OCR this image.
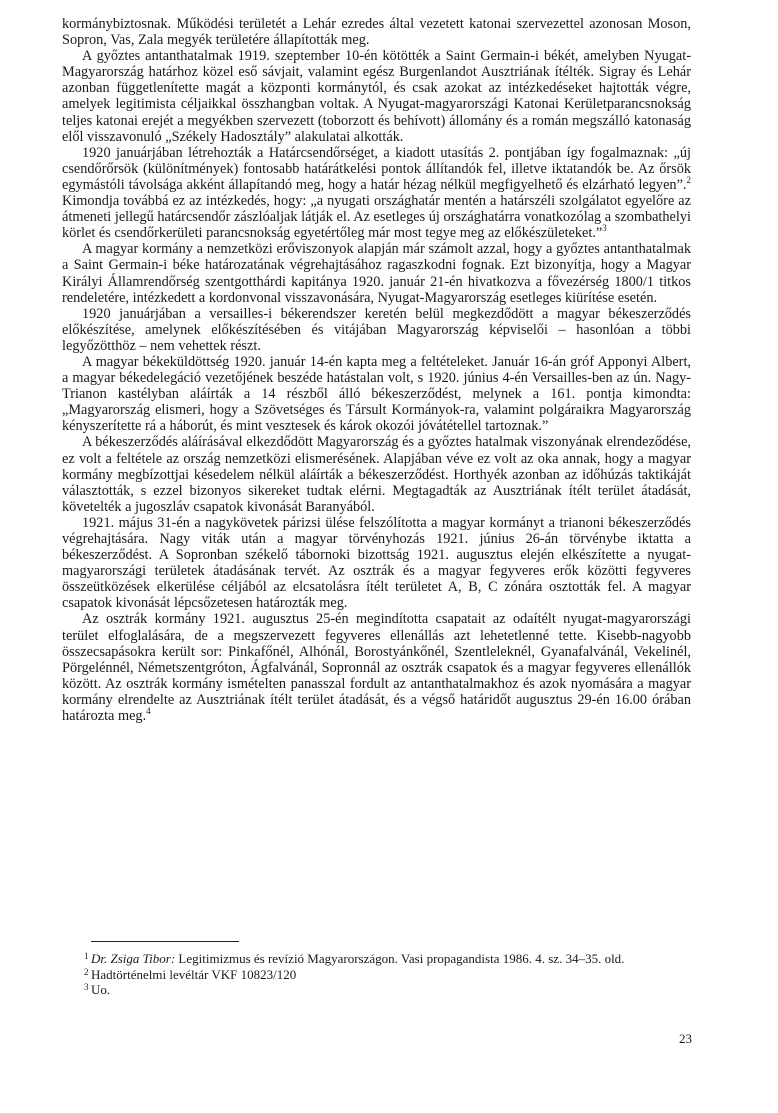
kormánybiztosnak. Működési területét a Lehár ezredes által vezetett katonai szervezettel azonosan Moson, Sopron, Vas, Zala megyék területére állapították meg.

A győztes antanthatalmak 1919. szeptember 10-én kötötték a Saint Germain-i békét, amelyben Nyugat-Magyarország határhoz közel eső sávjait, valamint egész Burgenlandot Ausztriának ítélték. Sigray és Lehár azonban függetlenítette magát a központi kormánytól, és csak azokat az intézkedéseket hajtották végre, amelyek legitimista céljaikkal összhangban voltak. A Nyugat-magyarországi Katonai Kerületparancsnokság teljes katonai erejét a megyékben szervezett (toborzott és behívott) állomány és a román megszálló katonaság elől visszavonuló „Székely Hadosztály” alakulatai alkották.

1920 januárjában létrehozták a Határcsendőrséget, a kiadott utasítás 2. pontjában így fogalmaznak: „új csendőrőrsök (különítmények) fontosabb határátkelési pontok állítandók fel, illetve iktatandók be. Az őrsök egymástóli távolsága akként állapítandó meg, hogy a határ hézag nélkül megfigyelhető és elzárható legyen”.$^2$ Kimondja továbbá ez az intézkedés, hogy: „a nyugati országhatár mentén a határszéli szolgálatot egyelőre az átmeneti jellegű határcsendőr zászlóaljak látják el. Az esetleges új országhatárra vonatkozólag a szombathelyi körlet és csendőrkerületi parancsnokság egyetértőleg már most tegye meg az előkészületeket.”$^3$

A magyar kormány a nemzetközi erőviszonyok alapján már számolt azzal, hogy a győztes antanthatalmak a Saint Germain-i béke határozatának végrehajtásához ragaszkodni fognak. Ezt bizonyítja, hogy a Magyar Királyi Államrendőrség szentgotthárdi kapitánya 1920. január 21-én hivatkozva a fővezérség 1800/1 titkos rendeletére, intézkedett a kordonvonal visszavonására, Nyugat-Magyarország esetleges kiürítése esetén.

1920 januárjában a versailles-i békerendszer keretén belül megkezdődött a magyar békeszerződés előkészítése, amelynek előkészítésében és vitájában Magyarország képviselői – hasonlóan a többi legyőzötthöz – nem vehettek részt.

A magyar békeküldöttség 1920. január 14-én kapta meg a feltételeket. Január 16-án gróf Apponyi Albert, a magyar békedelegáció vezetőjének beszéde hatástalan volt, s 1920. június 4-én Versailles-ben az ún. Nagy-Trianon kastélyban aláírták a 14 részből álló békeszerződést, melynek a 161. pontja kimondta: „Magyarország elismeri, hogy a Szövetséges és Társult Kormányok-ra, valamint polgáraikra Magyarország kényszerítette rá a háborút, és mint vesztesek és károk okozói jóvátétellel tartoznak.”

A békeszerződés aláírásával elkezdődött Magyarország és a győztes hatalmak viszonyának elrendeződése, ez volt a feltétele az ország nemzetközi elismerésének. Alapjában véve ez volt az oka annak, hogy a magyar kormány megbízottjai késedelem nélkül aláírták a békeszerződést. Horthyék azonban az időhúzás taktikáját választották, s ezzel bizonyos sikereket tudtak elérni. Megtagadták az Ausztriának ítélt terület átadását, követelték a jugoszláv csapatok kivonását Baranyából.

1921. május 31-én a nagykövetek párizsi ülése felszólította a magyar kormányt a trianoni békeszerződés végrehajtására. Nagy viták után a magyar törvényhozás 1921. június 26-án törvénybe iktatta a békeszerződést. A Sopronban székelő tábornoki bizottság 1921. augusztus elején elkészítette a nyugat-magyarországi területek átadásának tervét. Az osztrák és a magyar fegyveres erők közötti fegyveres összeütközések elkerülése céljából az elcsatolásra ítélt területet A, B, C zónára osztották fel. A magyar csapatok kivonását lépcsőzetesen határozták meg.

Az osztrák kormány 1921. augusztus 25-én megindította csapatait az odaítélt nyugat-magyarországi terület elfoglalására, de a megszervezett fegyveres ellenállás azt lehetetlenné tette. Kisebb-nagyobb összecsapásokra került sor: Pinkafőnél, Alhónál, Borostyánkőnél, Szentleleknél, Gyanafalvánál, Vekelinél, Pörgelénnél, Németszentgróton, Ágfalvánál, Sopronnál az osztrák csapatok és a magyar fegyveres ellenállók között. Az osztrák kormány ismételten panasszal fordult az antanthatalmakhoz és azok nyomására a magyar kormány elrendelte az Ausztriának ítélt terület átadását, és a végső határidőt augusztus 29-én 16.00 órában határozta meg.$^4$

1 Dr. Zsiga Tibor: Legitimizmus és revízió Magyarországon. Vasi propagandista 1986. 4. sz. 34–35. old.
2 Hadtörténelmi levéltár VKF 10823/120
3 Uo.
23
